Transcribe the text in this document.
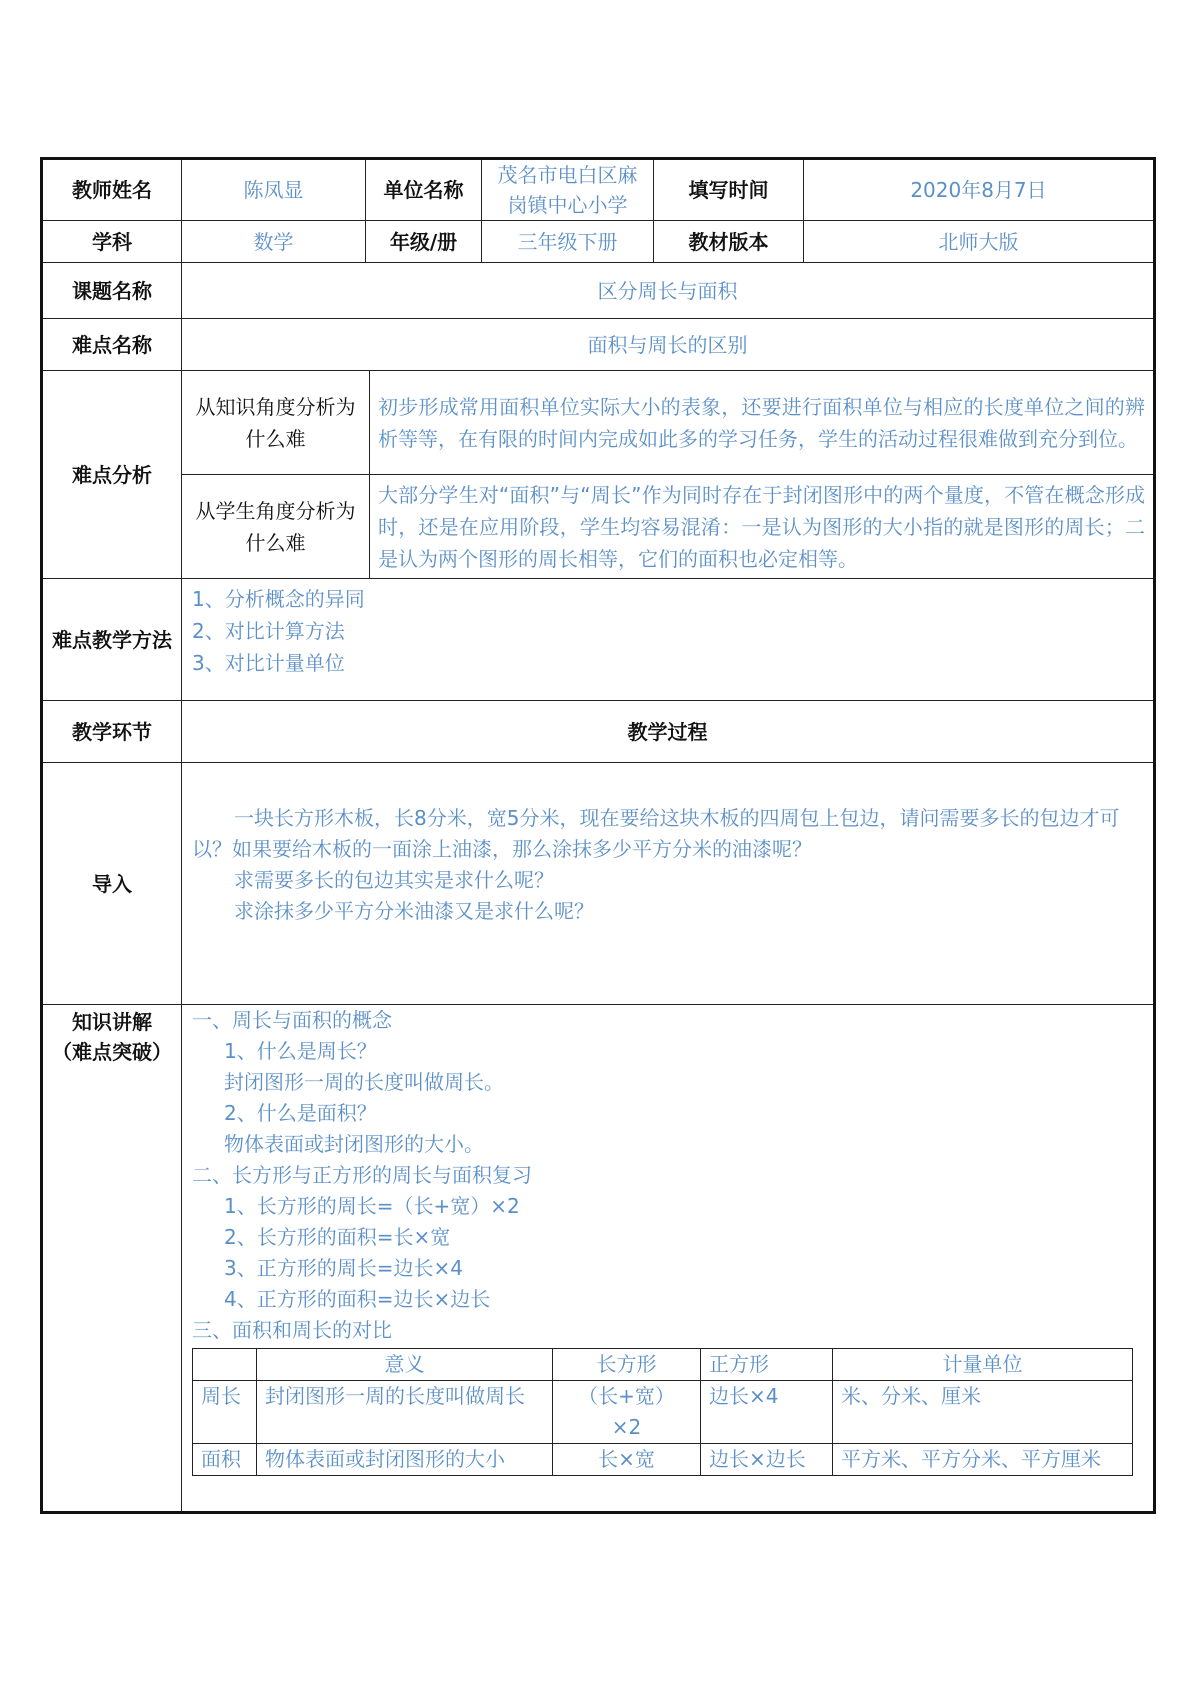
教师姓名	陈凤显	单位名称	茂名市电白区麻岗镇中心小学	填写时间	2020年8月7日
学科	数学	年级/册	三年级下册	教材版本	北师大版
课题名称	区分周长与面积
难点名称	面积与周长的区别
难点分析	从知识角度分析为什么难	初步形成常用面积单位实际大小的表象，还要进行面积单位与相应的长度单位之间的辨析等等，在有限的时间内完成如此多的学习任务，学生的活动过程很难做到充分到位。
从学生角度分析为什么难	大部分学生对“面积”与“周长”作为同时存在于封闭图形中的两个量度，不管在概念形成时，还是在应用阶段，学生均容易混淆：一是认为图形的大小指的就是图形的周长；二是认为两个图形的周长相等，它们的面积也必定相等。
难点教学方法	
1、分析概念的异同
2、对比计算方法
3、对比计量单位

教学环节	教学过程
导入	

一块长方形木板，长8分米，宽5分米，现在要给这块木板的四周包上包边，请问需要多长的包边才可以？如果要给木板的一面涂上油漆，那么涂抹多少平方分米的油漆呢？

求需要多长的包边其实是求什么呢？

求涂抹多少平方分米油漆又是求什么呢？

知识讲解
（难点突破）

一、周长与面积的概念
1、什么是周长？
封闭图形一周的长度叫做周长。
2、什么是面积？
物体表面或封闭图形的大小。
二、长方形与正方形的周长与面积复习
1、长方形的周长=（长+宽）×2
2、长方形的面积=长×宽
3、正方形的周长=边长×4
4、正方形的面积=边长×边长
三、面积和周长的对比
	意义	长方形	正方形	计量单位
周长	封闭图形一周的长度叫做周长	（长+宽）×2	边长×4	米、分米、厘米
面积	物体表面或封闭图形的大小	长×宽	边长×边长	平方米、平方分米、平方厘米
